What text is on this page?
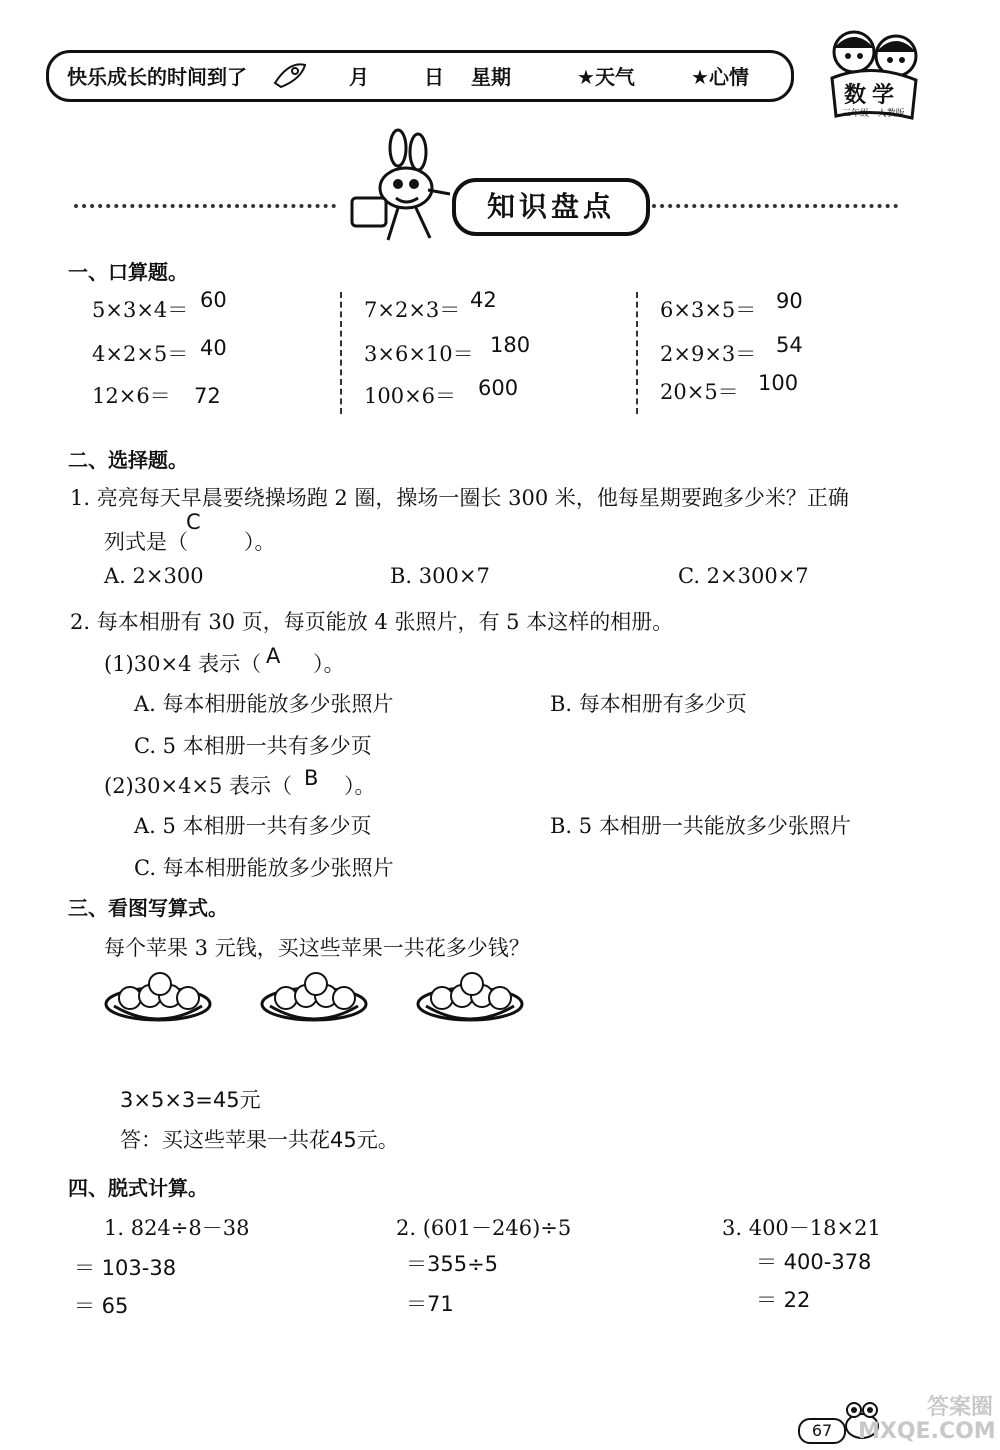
快乐成长的时间到了	月	日 星期 ★	天气 ★	心情
数学
三年级 · 人教版
知识盘点
一、口算题。
5×3×4＝ 60
4×2×5＝ 40
12×6＝ 72
7×2×3＝ 42
3×6×10＝ 180
100×6＝ 600
6×3×5＝ 90
2×9×3＝ 54
20×5＝ 100
二、选择题。
1. 亮亮每天早晨要绕操场跑 2 圈，操场一圈长 300 米，他每星期要跑多少米？正确
列式是（	）。
C
A. 2×300	B. 300×7	C. 2×300×7
2. 每本相册有 30 页，每页能放 4 张照片，有 5 本这样的相册。
(1)30×4 表示（ ）。
A
A. 每本相册能放多少张照片	B. 每本相册有多少页
C. 5 本相册一共有多少页
(2)30×4×5 表示（ ）。
B
A. 5 本相册一共有多少页	B. 5 本相册一共能放多少张照片
C. 每本相册能放多少张照片
三、看图写算式。
每个苹果 3 元钱，买这些苹果一共花多少钱？
3×5×3=45元
答：买这些苹果一共花45元。
四、脱式计算。
1. 824÷8－38
＝ 103-38
＝ 65
2. (601－246)÷5
＝355÷5
＝71
3. 400－18×21
＝ 400-378
＝ 22
67
答案圈 MXQE.COM
